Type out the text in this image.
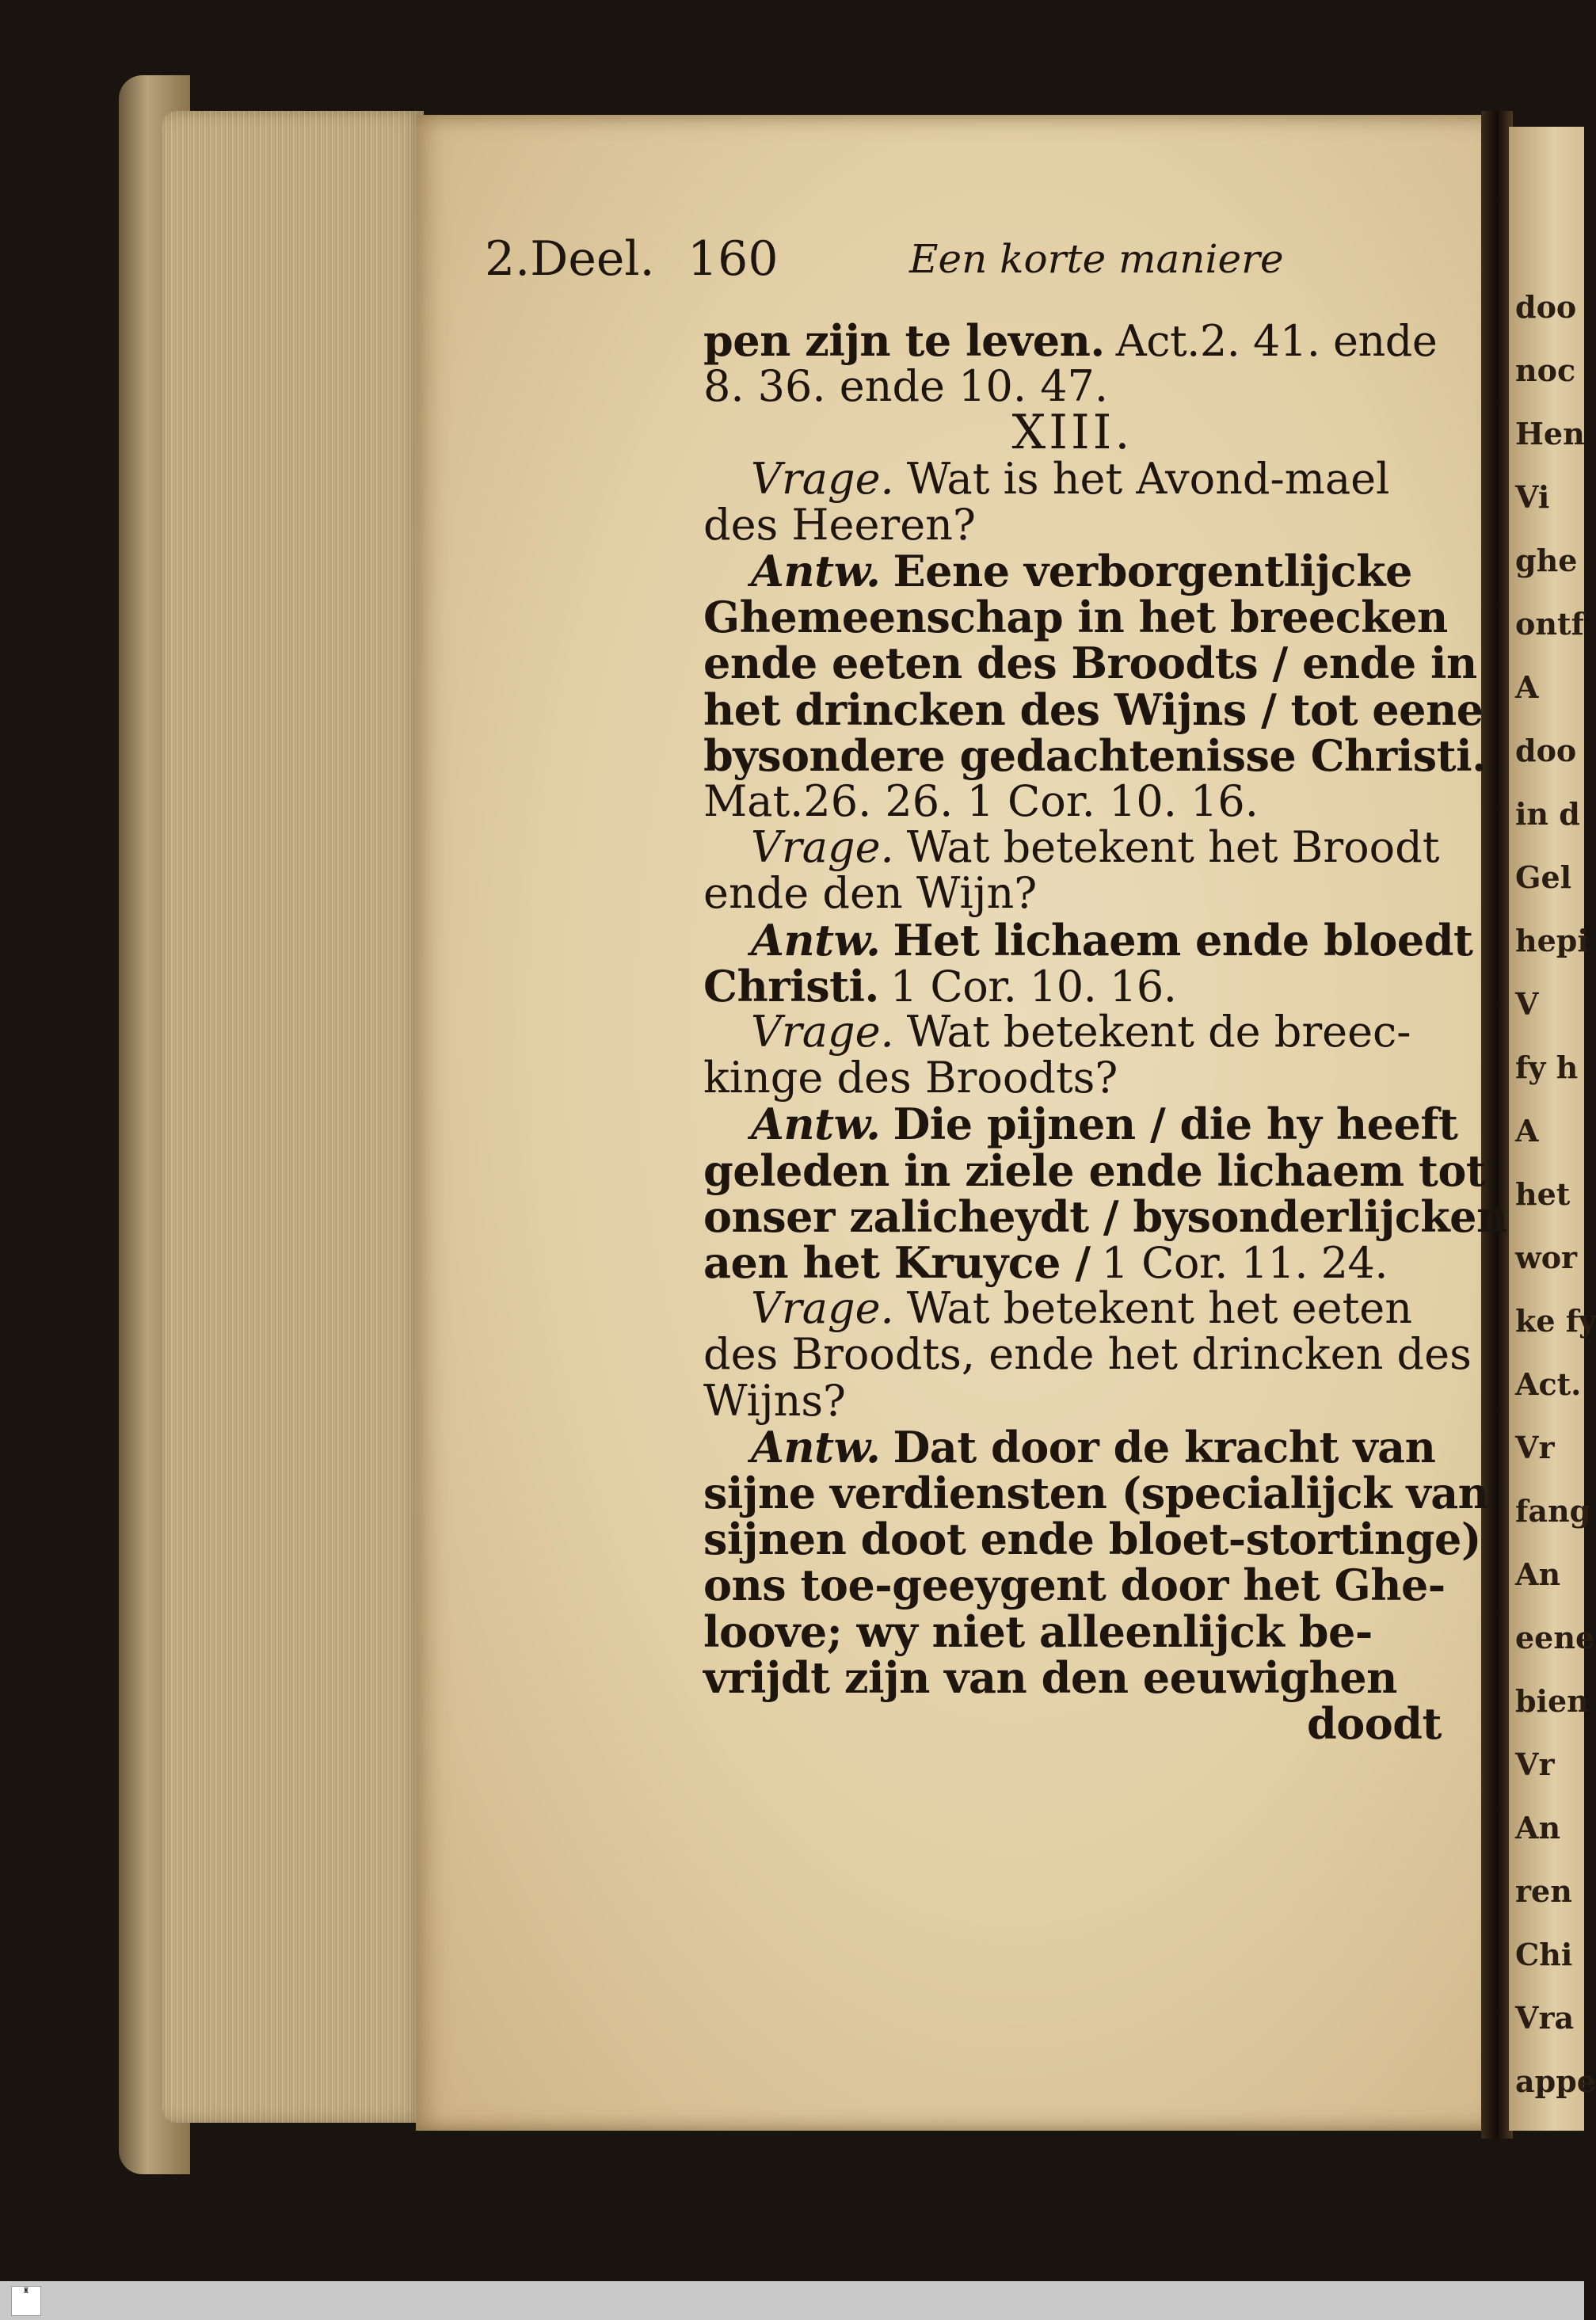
doo
noc
Hen
Vi
ghe
ontf
A
doo
in d
Gel
hepi
V
fy h
A
het
wor
ke fy
Act.
Vr
fang
An
eene
bien
Vr
An
ren
Chi
Vra
appe
2.Deel. 160	Een korte maniere
pen zijn te leven. Act.2. 41. ende
8. 36. ende 10. 47.
XIII.
Vrage. Wat is het Avond-mael
des Heeren?
Antw. Eene verborgentlijcke
Ghemeenschap in het breecken
ende eeten des Broodts / ende in
het drincken des Wijns / tot eene
bysondere gedachtenisse Christi.
Mat.26. 26. 1 Cor. 10. 16.
Vrage. Wat betekent het Broodt
ende den Wijn?
Antw. Het lichaem ende bloedt
Christi. 1 Cor. 10. 16.
Vrage. Wat betekent de breec-
kinge des Broodts?
Antw. Die pijnen / die hy heeft
geleden in ziele ende lichaem tot
onser zalicheydt / bysonderlijcken
aen het Kruyce / 1 Cor. 11. 24.
Vrage. Wat betekent het eeten
des Broodts, ende het drincken des
Wijns?
Antw. Dat door de kracht van
sijne verdiensten (specialijck van
sijnen doot ende bloet-stortinge)
ons toe-geeygent door het Ghe-
loove; wy niet alleenlijck be-
vrijdt zijn van den eeuwighen
doodt
♜
